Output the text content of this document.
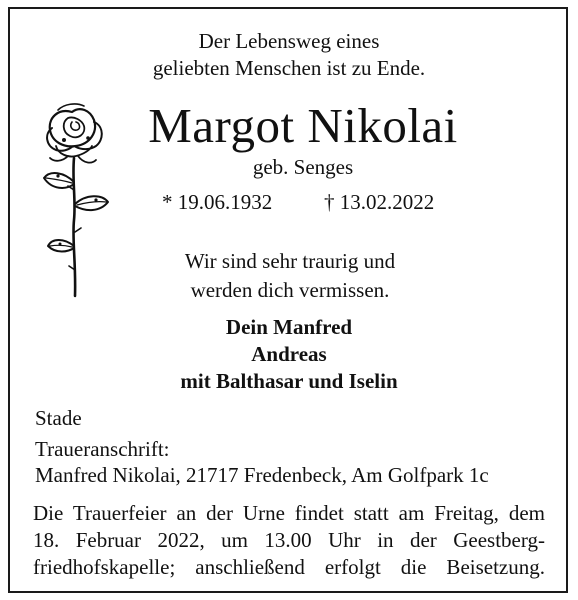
Der Lebensweg eines
geliebten Menschen ist zu Ende.
Margot Nikolai
geb. Senges
* 19.06.1932 † 13.02.2022
Wir sind sehr traurig und
werden dich vermissen.
Dein Manfred
Andreas
mit Balthasar und Iselin
Stade
Traueranschrift:
Manfred Nikolai, 21717 Fredenbeck, Am Golfpark 1c
Die Trauerfeier an der Urne findet statt am Freitag, dem
18. Februar 2022, um 13.00 Uhr in der Geestberg-
friedhofskapelle; anschließend erfolgt die Beisetzung.
